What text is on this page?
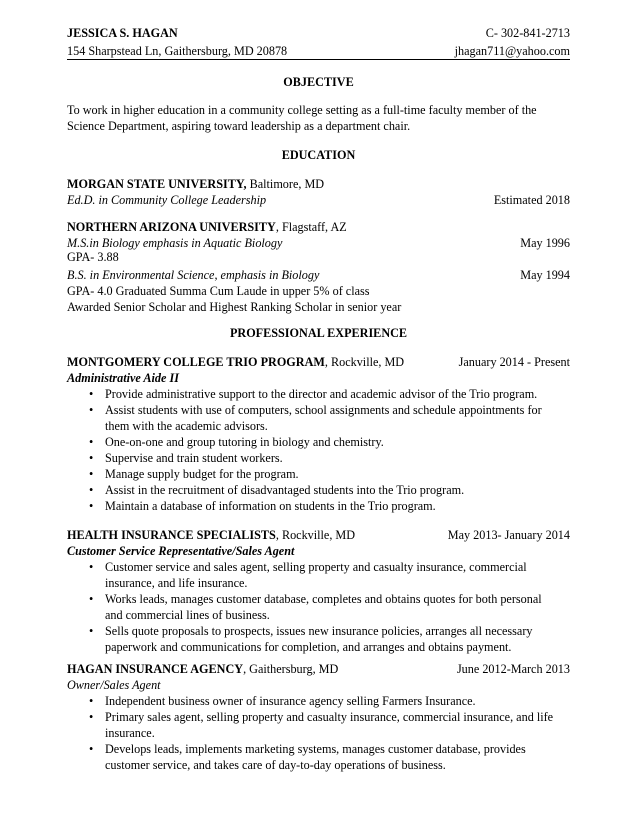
JESSICA S. HAGAN	C- 302-841-2713
154 Sharpstead Ln, Gaithersburg, MD 20878	jhagan711@yahoo.com
OBJECTIVE
To work in higher education in a community college setting as a full-time faculty member of the
Science Department, aspiring toward leadership as a department chair.
EDUCATION
MORGAN STATE UNIVERSITY, Baltimore, MD
Ed.D. in Community College Leadership	Estimated 2018
NORTHERN ARIZONA UNIVERSITY, Flagstaff, AZ
M.S.in Biology emphasis in Aquatic Biology	May 1996
GPA- 3.88
B.S. in Environmental Science, emphasis in Biology	May 1994
GPA- 4.0 Graduated Summa Cum Laude in upper 5% of class
Awarded Senior Scholar and Highest Ranking Scholar in senior year
PROFESSIONAL EXPERIENCE
MONTGOMERY COLLEGE TRIO PROGRAM, Rockville, MD	January 2014 - Present
Administrative Aide II
• Provide administrative support to the director and academic advisor of the Trio program.
• Assist students with use of computers, school assignments and schedule appointments for
them with the academic advisors.
• One-on-one and group tutoring in biology and chemistry.
• Supervise and train student workers.
• Manage supply budget for the program.
• Assist in the recruitment of disadvantaged students into the Trio program.
• Maintain a database of information on students in the Trio program.
HEALTH INSURANCE SPECIALISTS, Rockville, MD	May 2013- January 2014
Customer Service Representative/Sales Agent
• Customer service and sales agent, selling property and casualty insurance, commercial
insurance, and life insurance.
• Works leads, manages customer database, completes and obtains quotes for both personal
and commercial lines of business.
• Sells quote proposals to prospects, issues new insurance policies, arranges all necessary
paperwork and communications for completion, and arranges and obtains payment.
HAGAN INSURANCE AGENCY, Gaithersburg, MD	June 2012-March 2013
Owner/Sales Agent
• Independent business owner of insurance agency selling Farmers Insurance.
• Primary sales agent, selling property and casualty insurance, commercial insurance, and life
insurance.
• Develops leads, implements marketing systems, manages customer database, provides
customer service, and takes care of day-to-day operations of business.
